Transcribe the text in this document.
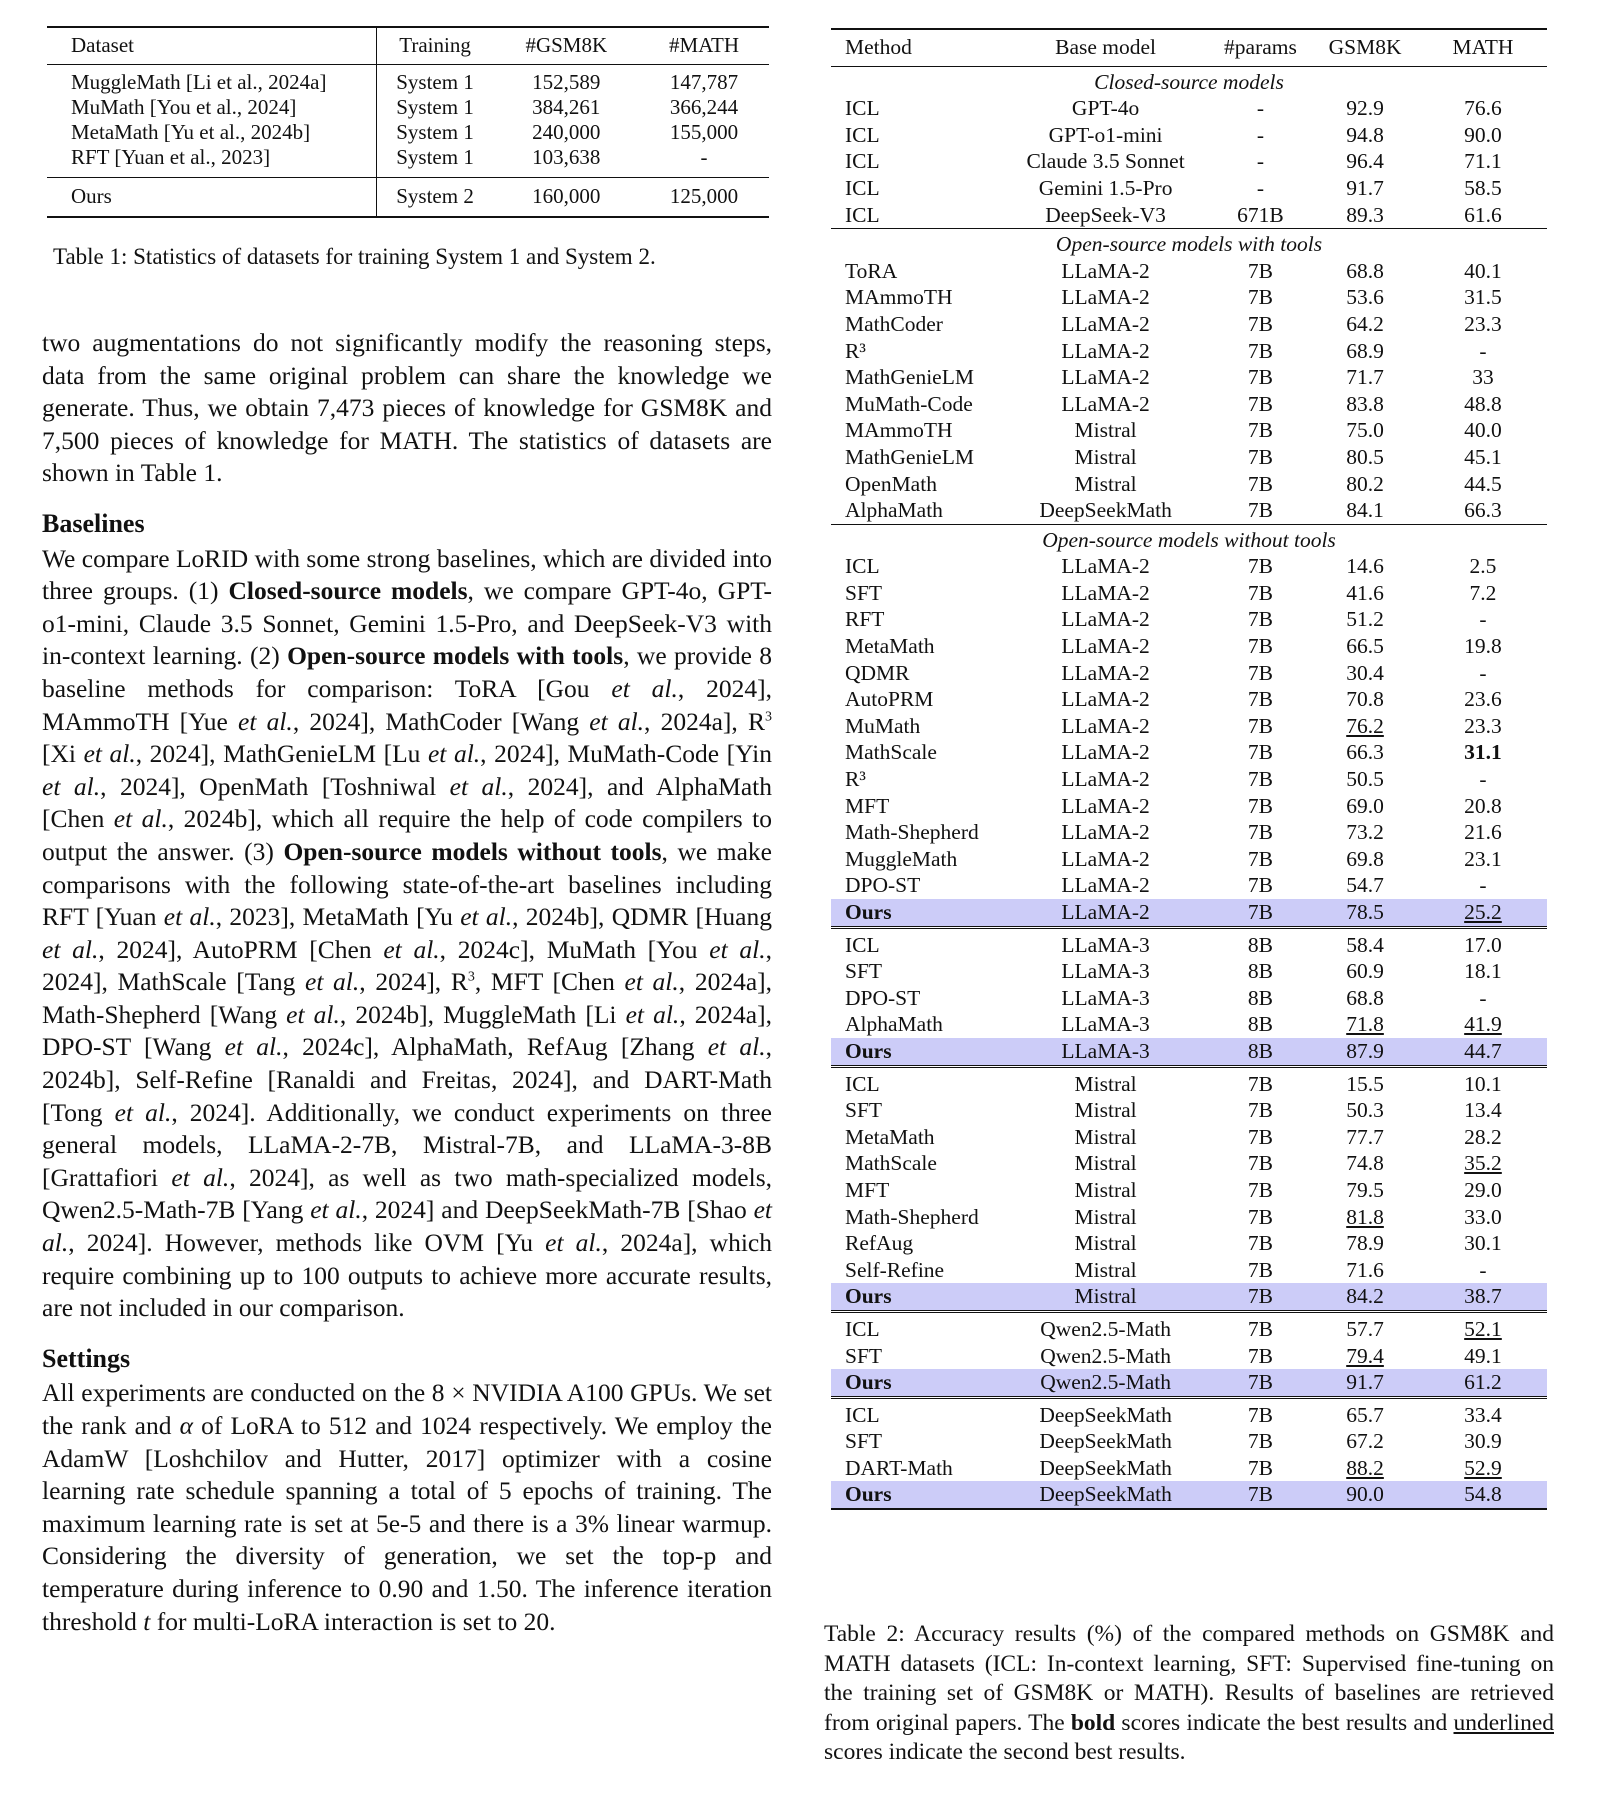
Dataset	Training	#GSM8K	#MATH
MuggleMath [Li et al., 2024a]	System 1	152,589	147,787
MuMath [You et al., 2024]	System 1	384,261	366,244
MetaMath [Yu et al., 2024b]	System 1	240,000	155,000
RFT [Yuan et al., 2023]	System 1	103,638	-
Ours	System 2	160,000	125,000
Table 1: Statistics of datasets for training System 1 and System 2.

two augmentations do not significantly modify the reasoning steps, data from the same original problem can share the knowledge we generate. Thus, we obtain 7,473 pieces of knowledge for GSM8K and 7,500 pieces of knowledge for MATH. The statistics of datasets are shown in Table 1.

Baselines

We compare LoRID with some strong baselines, which are divided into three groups. (1) Closed-source models, we compare GPT-4o, GPT-o1-mini, Claude 3.5 Sonnet, Gemini 1.5-Pro, and DeepSeek-V3 with in-context learning. (2) Open-source models with tools, we provide 8 baseline methods for comparison: ToRA [Gou et al., 2024], MAmmoTH [Yue et al., 2024], MathCoder [Wang et al., 2024a], $R^3$ [Xi et al., 2024], MathGenieLM [Lu et al., 2024], MuMath-Code [Yin et al., 2024], OpenMath [Toshniwal et al., 2024], and AlphaMath [Chen et al., 2024b], which all require the help of code compilers to output the answer. (3) Open-source models without tools, we make comparisons with the following state-of-the-art baselines including RFT [Yuan et al., 2023], MetaMath [Yu et al., 2024b], QDMR [Huang et al., 2024], AutoPRM [Chen et al., 2024c], MuMath [You et al., 2024], MathScale [Tang et al., 2024], $R^3$, MFT [Chen et al., 2024a], Math-Shepherd [Wang et al., 2024b], MuggleMath [Li et al., 2024a], DPO-ST [Wang et al., 2024c], AlphaMath, RefAug [Zhang et al., 2024b], Self-Refine [Ranaldi and Freitas, 2024], and DART-Math [Tong et al., 2024]. Additionally, we conduct experiments on three general models, LLaMA-2-7B, Mistral-7B, and LLaMA-3-8B [Grattafiori et al., 2024], as well as two math-specialized models, Qwen2.5-Math-7B [Yang et al., 2024] and DeepSeekMath-7B [Shao et al., 2024]. However, methods like OVM [Yu et al., 2024a], which require combining up to 100 outputs to achieve more accurate results, are not included in our comparison.

Settings

All experiments are conducted on the 8 × NVIDIA A100 GPUs. We set the rank and α of LoRA to 512 and 1024 respectively. We employ the AdamW [Loshchilov and Hutter, 2017] optimizer with a cosine learning rate schedule spanning a total of 5 epochs of training. The maximum learning rate is set at 5e-5 and there is a 3% linear warmup. Considering the diversity of generation, we set the top-p and temperature during inference to 0.90 and 1.50. The inference iteration threshold t for multi-LoRA interaction is set to 20.

Method	Base model	#params	GSM8K	MATH
Closed-source models				
ICL	GPT-4o	-	92.9	76.6
ICL	GPT-o1-mini	-	94.8	90.0
ICL	Claude 3.5 Sonnet	-	96.4	71.1
ICL	Gemini 1.5-Pro	-	91.7	58.5
ICL	DeepSeek-V3	671B	89.3	61.6
Open-source models with tools				
ToRA	LLaMA-2	7B	68.8	40.1
MAmmoTH	LLaMA-2	7B	53.6	31.5
MathCoder	LLaMA-2	7B	64.2	23.3
R³	LLaMA-2	7B	68.9	-
MathGenieLM	LLaMA-2	7B	71.7	33
MuMath-Code	LLaMA-2	7B	83.8	48.8
MAmmoTH	Mistral	7B	75.0	40.0
MathGenieLM	Mistral	7B	80.5	45.1
OpenMath	Mistral	7B	80.2	44.5
AlphaMath	DeepSeekMath	7B	84.1	66.3
Open-source models without tools				
ICL	LLaMA-2	7B	14.6	2.5
SFT	LLaMA-2	7B	41.6	7.2
RFT	LLaMA-2	7B	51.2	-
MetaMath	LLaMA-2	7B	66.5	19.8
QDMR	LLaMA-2	7B	30.4	-
AutoPRM	LLaMA-2	7B	70.8	23.6
MuMath	LLaMA-2	7B	76.2	23.3
MathScale	LLaMA-2	7B	66.3	31.1
R³	LLaMA-2	7B	50.5	-
MFT	LLaMA-2	7B	69.0	20.8
Math-Shepherd	LLaMA-2	7B	73.2	21.6
MuggleMath	LLaMA-2	7B	69.8	23.1
DPO-ST	LLaMA-2	7B	54.7	-
Ours	LLaMA-2	7B	78.5	25.2
ICL	LLaMA-3	8B	58.4	17.0
SFT	LLaMA-3	8B	60.9	18.1
DPO-ST	LLaMA-3	8B	68.8	-
AlphaMath	LLaMA-3	8B	71.8	41.9
Ours	LLaMA-3	8B	87.9	44.7
ICL	Mistral	7B	15.5	10.1
SFT	Mistral	7B	50.3	13.4
MetaMath	Mistral	7B	77.7	28.2
MathScale	Mistral	7B	74.8	35.2
MFT	Mistral	7B	79.5	29.0
Math-Shepherd	Mistral	7B	81.8	33.0
RefAug	Mistral	7B	78.9	30.1
Self-Refine	Mistral	7B	71.6	-
Ours	Mistral	7B	84.2	38.7
ICL	Qwen2.5-Math	7B	57.7	52.1
SFT	Qwen2.5-Math	7B	79.4	49.1
Ours	Qwen2.5-Math	7B	91.7	61.2
ICL	DeepSeekMath	7B	65.7	33.4
SFT	DeepSeekMath	7B	67.2	30.9
DART-Math	DeepSeekMath	7B	88.2	52.9
Ours	DeepSeekMath	7B	90.0	54.8
Table 2: Accuracy results (%) of the compared methods on GSM8K and MATH datasets (ICL: In-context learning, SFT: Supervised fine-tuning on the training set of GSM8K or MATH). Results of baselines are retrieved from original papers. The bold scores indicate the best results and underlined scores indicate the second best results.
